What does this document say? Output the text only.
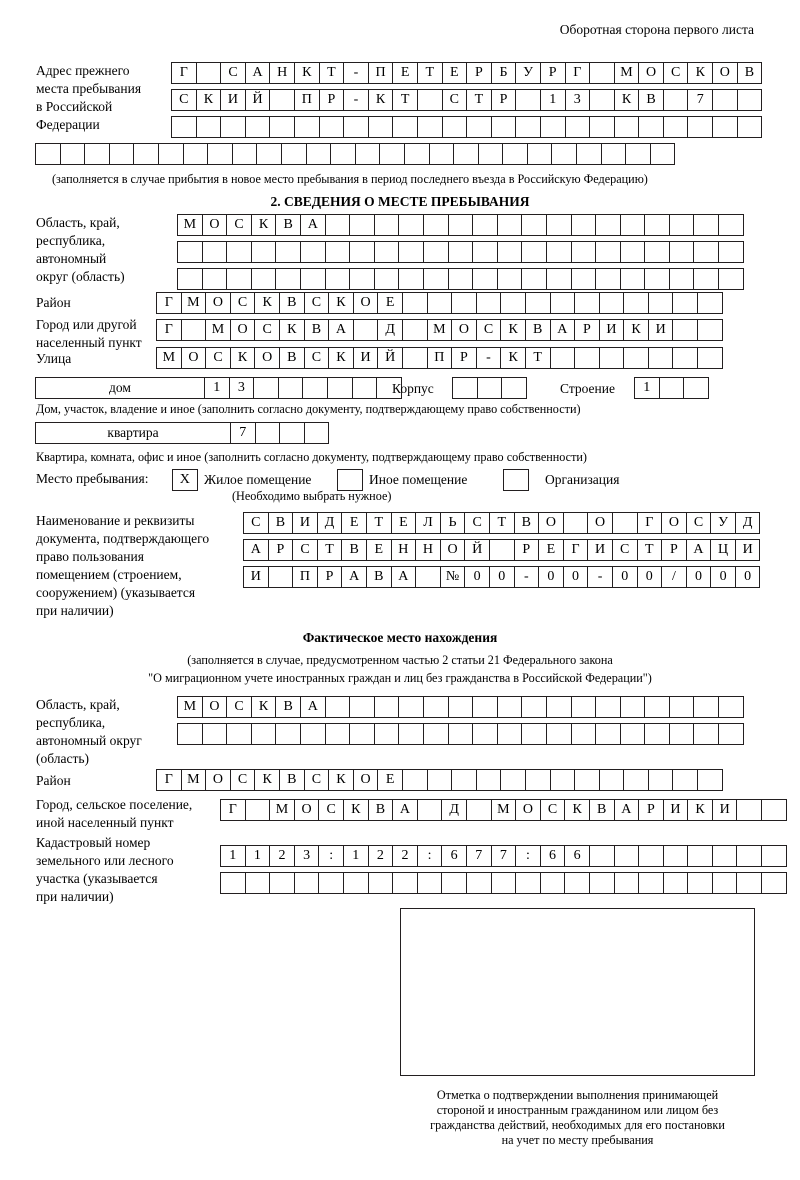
Оборотная сторона первого листа
Адрес прежнего
места пребывания
в Российской
Федерации
Г	С	А	Н	К	Т	-	П	Е	Т	Е	Р	Б	У	Р	Г	М О	С	К	О	В
С	К	И	Й	П	Р	-	К	Т	С	Т	Р	1	3	К	В	7
(заполняется в случае прибытия в новое место пребывания в период последнего въезда в Российскую Федерацию)
2. СВЕДЕНИЯ О МЕСТЕ ПРЕБЫВАНИЯ
Область, край,
республика,
автономный
округ (область)
М О	С	К	В	А
Район	Г	М О	С	К	В	С	К	О	Е
Город или другой
населенный пункт
Г	М О	С	К	В	А	Д	М О	С	К	В	А	Р	И	К	И
Улица	М О	С	К	О	В	С	К	И	Й	П	Р	-	К	Т
дом	1	3	Корпус	Строение	1
Дом, участок, владение и иное (заполнить согласно документу, подтверждающему право собственности)
квартира	7
Квартира, комната, офис и иное (заполнить согласно документу, подтверждающему право собственности)
Место пребывания:	X	Жилое помещение	Иное помещение	Организация
(Необходимо выбрать нужное)
Наименование и реквизиты
документа, подтверждающего
право пользования
помещением (строением,
сооружением) (указывается
при наличии)
С	В	И	Д	Е	Т	Е	Л	Ь	С	Т	В	О	О	Г	О	С	У	Д
А	Р	С	Т	В	Е	Н	Н	О	Й	Р	Е	Г	И	С	Т	Р	А	Ц	И
И	П	Р	А	В	А	№	0	0	-	0	0	-	0	0	/	0	0	0
Фактическое место нахождения
(заполняется в случае, предусмотренном частью 2 статьи 21 Федерального закона
"О миграционном учете иностранных граждан и лиц без гражданства в Российской Федерации")
Область, край,
республика,
автономный округ
(область)
М О	С	К	В	А
Район	Г	М О	С	К	В	С	К	О	Е
Город, сельское поселение,
иной населенный пункт
Г	М О	С	К	В	А	Д	М О	С	К	В	А	Р	И	К	И
Кадастровый номер
земельного или лесного
участка (указывается
при наличии)
1	1	2	3	:	1	2	2	:	6	7	7	:	6	6
Отметка о подтверждении выполнения принимающей
стороной и иностранным гражданином или лицом без
гражданства действий, необходимых для его постановки
на учет по месту пребывания
